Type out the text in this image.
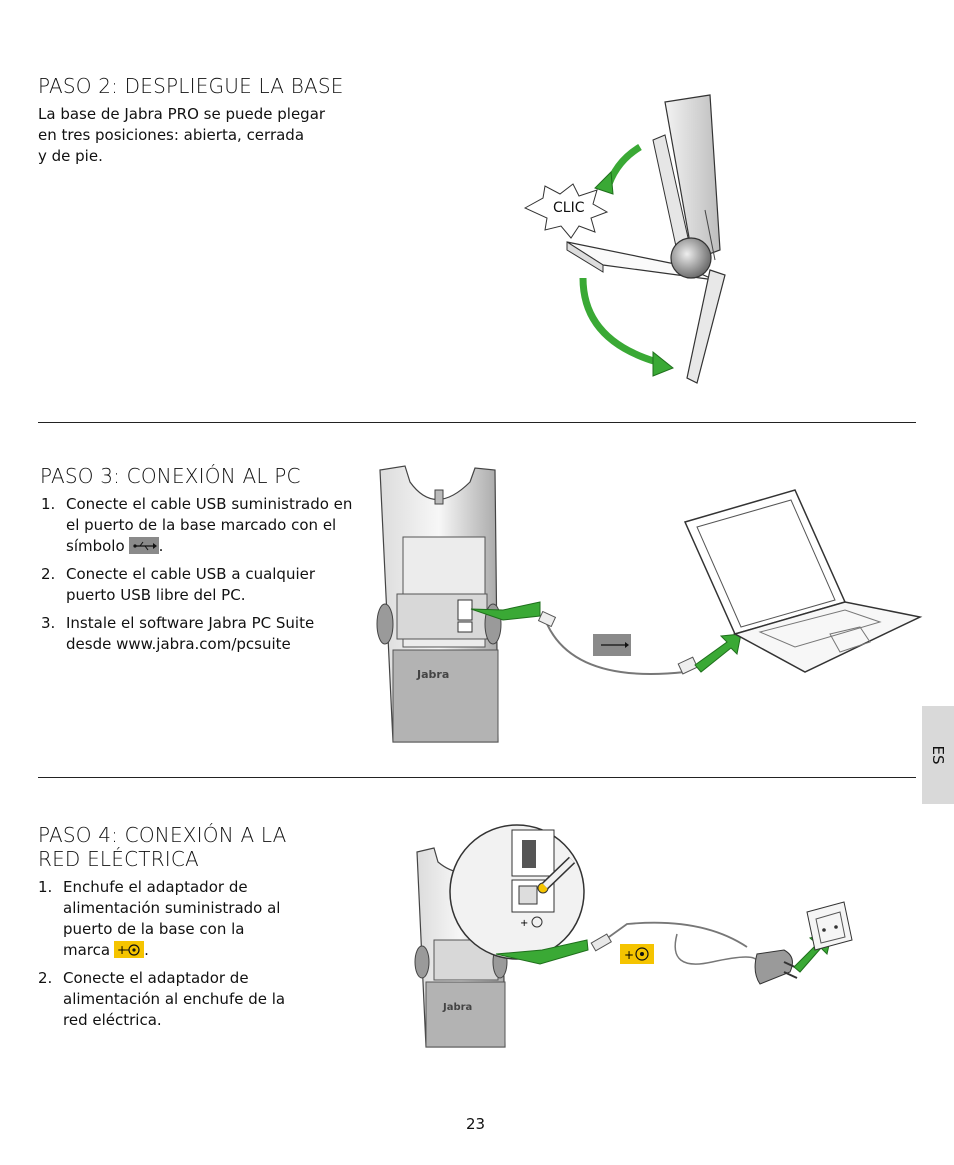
PASO 2: DESPLIEGUE LA BASE
La base de Jabra PRO se puede plegar
en tres posiciones: abierta, cerrada
y de pie.
CLIC
PASO 3: CONEXIÓN AL PC
1. Conecte el cable USB suministrado en
el puerto de la base marcado con el
símbolo .
2. Conecte el cable USB a cualquier
puerto USB libre del PC.
3. Instale el software Jabra PC Suite
desde www.jabra.com/pcsuite
Jabra
PASO 4: CONEXIÓN A LA
RED ELÉCTRICA
1. Enchufe el adaptador de
alimentación suministrado al
puerto de la base con la
marca + .
2. Conecte el adaptador de
alimentación al enchufe de la
red eléctrica.
+
+
Jabra
ES
23
